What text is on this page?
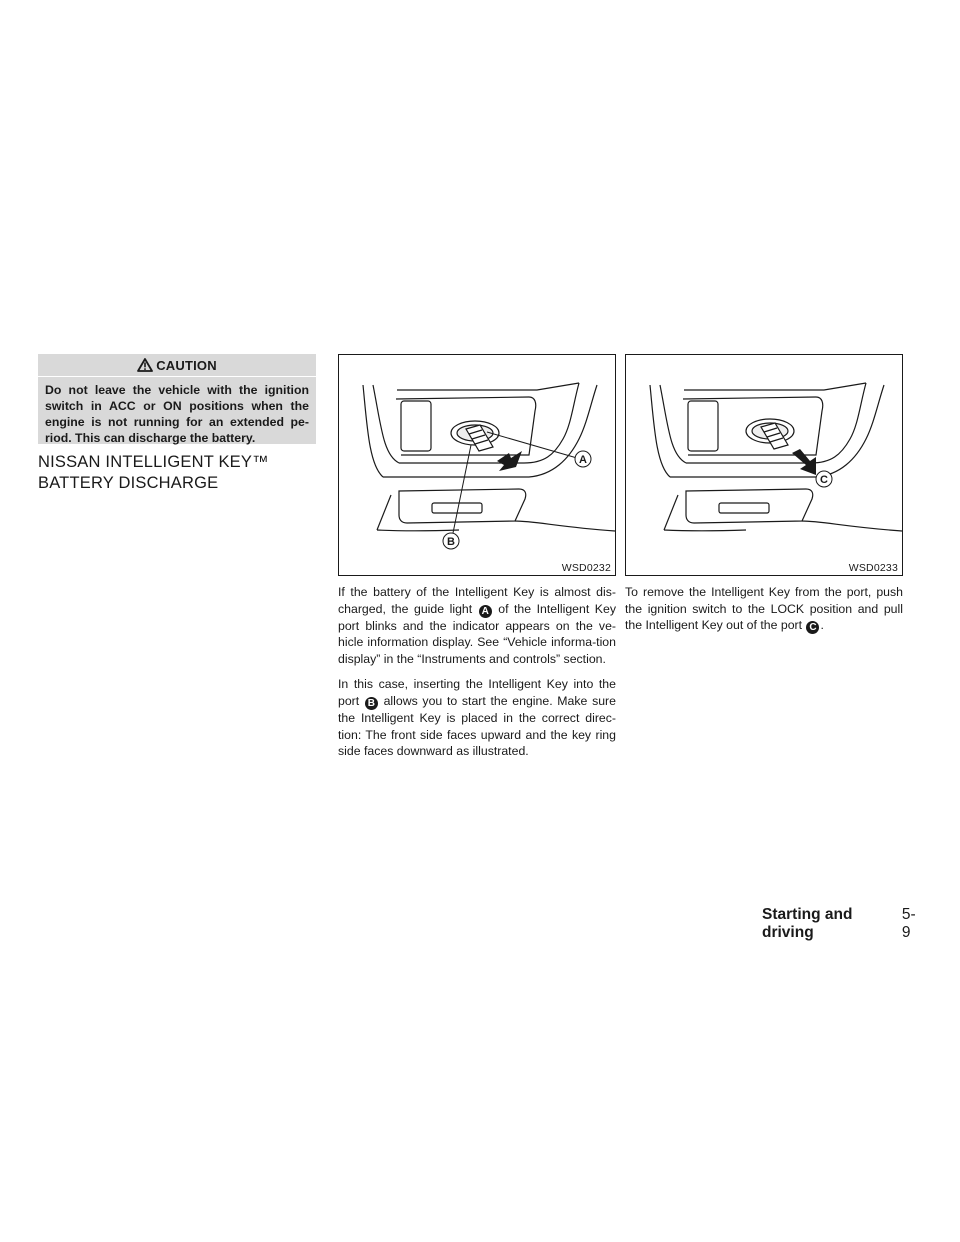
CAUTION
Do not leave the vehicle with the ignition switch in ACC or ON positions when the engine is not running for an extended pe-riod. This can discharge the battery.
NISSAN INTELLIGENT KEY™
BATTERY DISCHARGE
A
B
WSD0232
C
WSD0233

If the battery of the Intelligent Key is almost dis-charged, the guide light A of the Intelligent Key port blinks and the indicator appears on the ve-hicle information display. See “Vehicle informa-tion display” in the “Instruments and controls” section.

In this case, inserting the Intelligent Key into the port B allows you to start the engine. Make sure the Intelligent Key is placed in the correct direc-tion: The front side faces upward and the key ring side faces downward as illustrated.

To remove the Intelligent Key from the port, push the ignition switch to the LOCK position and pull the Intelligent Key out of the port C .

Starting and driving
5-9
